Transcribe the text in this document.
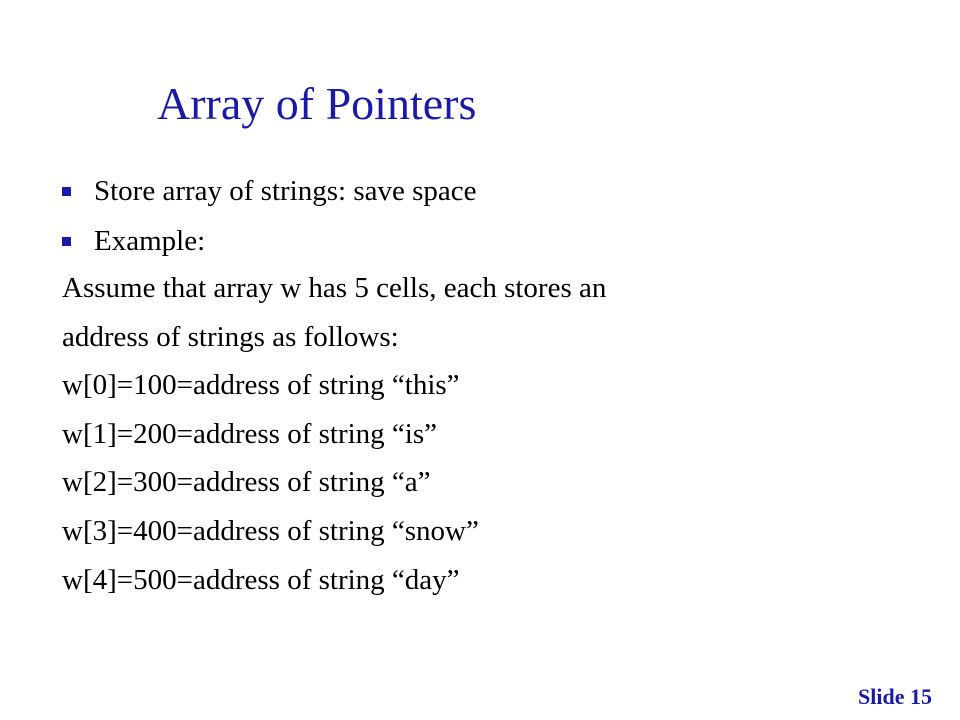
Array of Pointers
Store array of strings: save space
Example:
Assume that array w has 5 cells, each stores an
address of strings as follows:
w[0]=100=address of string “this”
w[1]=200=address of string “is”
w[2]=300=address of string “a”
w[3]=400=address of string “snow”
w[4]=500=address of string “day”
Slide 15
